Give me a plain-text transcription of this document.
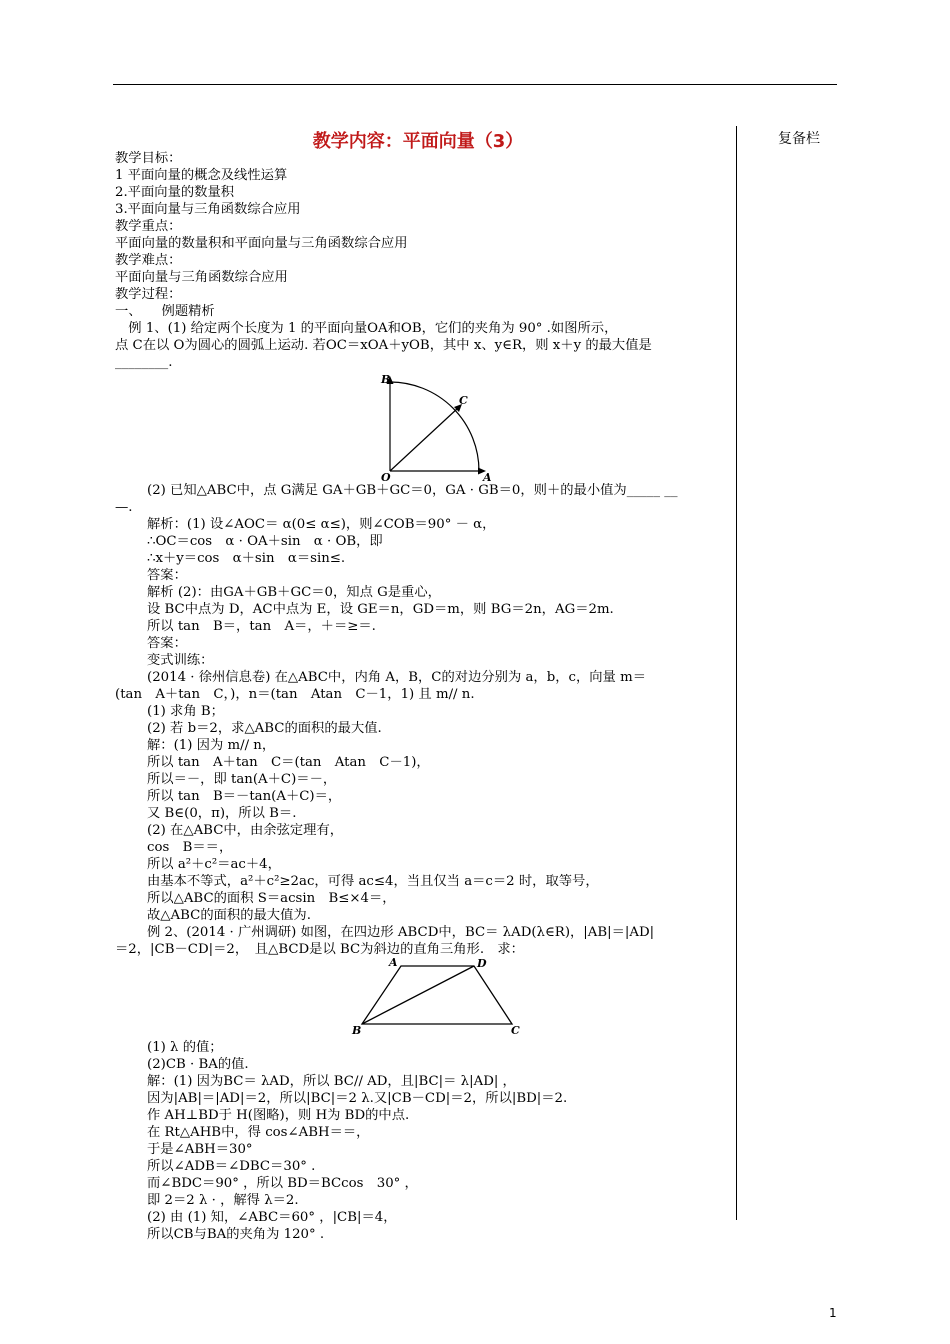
复备栏
教学内容：平面向量（3）
教学目标：
1 平面向量的概念及线性运算
2.平面向量的数量积
3.平面向量与三角函数综合应用
教学重点：
平面向量的数量积和平面向量与三角函数综合应用
教学难点：
平面向量与三角函数综合应用
教学过程：
一、　　例题精析
　例 1、(1) 给定两个长度为 1 的平面向量OA和OB，它们的夹角为 90° .如图所示，
点 C在以 O为圆心的圆弧上运动. 若OC＝xOA＋yOB，其中 x、y∈R，则 x＋y 的最大值是
________.
B
C
O	A
(2) 已知△ABC中，点 G满足 GA＋GB＋GC＝0，GA · GB＝0，则＋的最小值为_____ __
—.
解析：(1) 设∠AOC＝ α(0≤ α≤)，则∠COB＝90° － α，
∴OC＝cos　α · OA＋sin　α · OB，即
∴x＋y＝cos　α＋sin　α＝sin≤.
答案：
解析 (2)：由GA＋GB＋GC＝0，知点 G是重心，
设 BC中点为 D，AC中点为 E，设 GE＝n，GD＝m，则 BG＝2n，AG＝2m.
所以 tan　B＝，tan　A＝，＋＝≥＝.
答案：
变式训练：
(2014 · 徐州信息卷) 在△ABC中，内角 A，B，C的对边分别为 a，b，c，向量 m＝
(tan　A＋tan　C，)，n＝(tan　Atan　C－1，1) 且 m// n.
(1) 求角 B；
(2) 若 b＝2，求△ABC的面积的最大值.
解：(1) 因为 m// n，
所以 tan　A＋tan　C＝(tan　Atan　C－1)，
所以＝－，即 tan(A＋C)＝－，
所以 tan　B＝－tan(A＋C)＝，
又 B∈(0，π)，所以 B＝.
(2) 在△ABC中，由余弦定理有，
cos　B＝＝，
所以 a²＋c²＝ac＋4，
由基本不等式，a²＋c²≥2ac，可得 ac≤4，当且仅当 a＝c＝2 时，取等号，
所以△ABC的面积 S＝acsin　B≤×4＝，
故△ABC的面积的最大值为.
例 2、(2014 · 广州调研) 如图，在四边形 ABCD中，BC＝ λAD(λ∈R)，|AB|＝|AD|
＝2，|CB－CD|＝2，　且△BCD是以 BC为斜边的直角三角形.　求：
A	D
B	C
(1) λ 的值；
(2)CB · BA的值.
解：(1) 因为BC＝ λAD，所以 BC// AD，且|BC|＝ λ|AD| ，
因为|AB|＝|AD|＝2，所以|BC|＝2 λ.又|CB－CD|＝2，所以|BD|＝2.
作 AH⊥BD于 H(图略)，则 H为 BD的中点.
在 Rt△AHB中，得 cos∠ABH＝＝，
于是∠ABH＝30°
所以∠ADB＝∠DBC＝30° .
而∠BDC＝90° ，所以 BD＝BCcos　30° ，
即 2＝2 λ · ，解得 λ＝2.
(2) 由 (1) 知，∠ABC＝60° ，|CB|＝4，
所以CB与BA的夹角为 120° .
1
